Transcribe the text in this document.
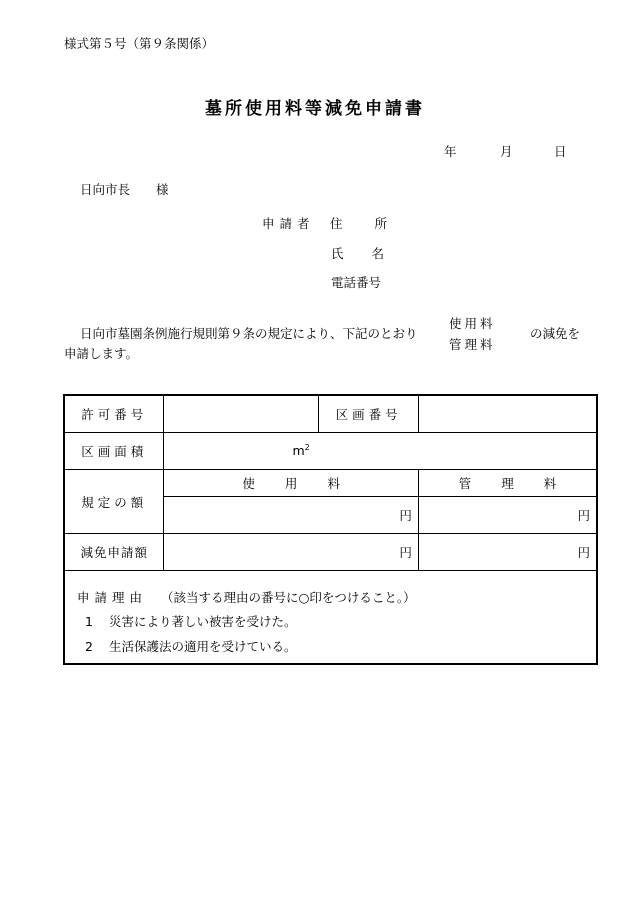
様式第５号（第９条関係）
墓所使用料等減免申請書
年	月	日
日向市長 様
申請者 住	所
氏 名
電話番号
日向市墓園条例施行規則第９条の規定により、下記のとおり
使用料
管理料
の減免を
申請します。
許可番号		区画番号	
区画面積	$m^2$
規定の額	使 用 料		管 理 料
	円		円
減免申請額	円		円

申請理由 （該当する理由の番号に○印をつけること。）
1 災害により著しい被害を受けた。
2 生活保護法の適用を受けている。			
